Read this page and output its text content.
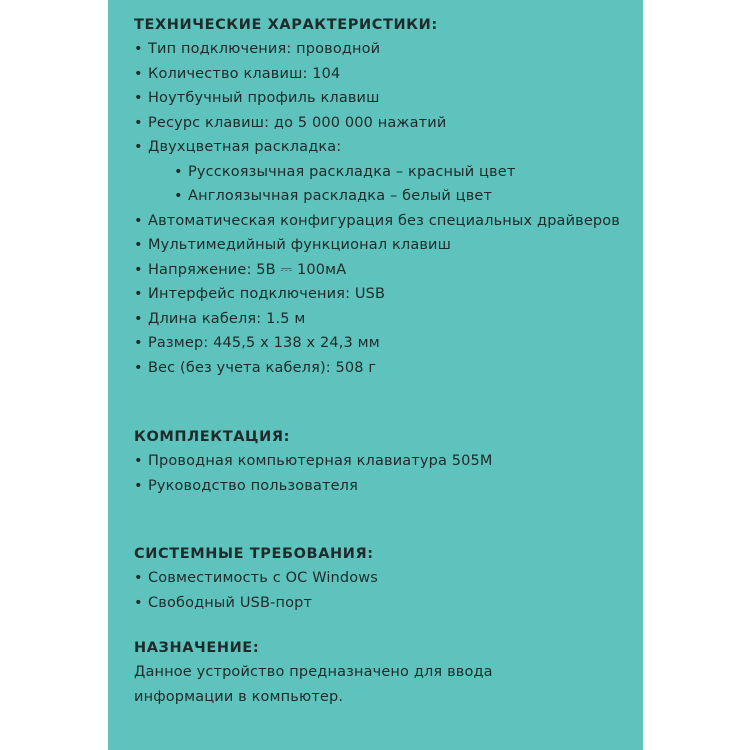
ТЕХНИЧЕСКИЕ ХАРАКТЕРИСТИКИ:
• Тип подключения: проводной
• Количество клавиш: 104
• Ноутбучный профиль клавиш
• Ресурс клавиш: до 5 000 000 нажатий
• Двухцветная раскладка:
• Русскоязычная раскладка – красный цвет
• Англоязычная раскладка – белый цвет
• Автоматическая конфигурация без специальных драйверов
• Мультимедийный функционал клавиш
• Напряжение: 5В ⎓ 100мА
• Интерфейс подключения: USB
• Длина кабеля: 1.5 м
• Размер: 445,5 х 138 х 24,3 мм
• Вес (без учета кабеля): 508 г
КОМПЛЕКТАЦИЯ:
• Проводная компьютерная клавиатура 505М
• Руководство пользователя
СИСТЕМНЫЕ ТРЕБОВАНИЯ:
• Совместимость с ОС Windows
• Свободный USB-порт
НАЗНАЧЕНИЕ:
Данное устройство предназначено для ввода информации в компьютер.
